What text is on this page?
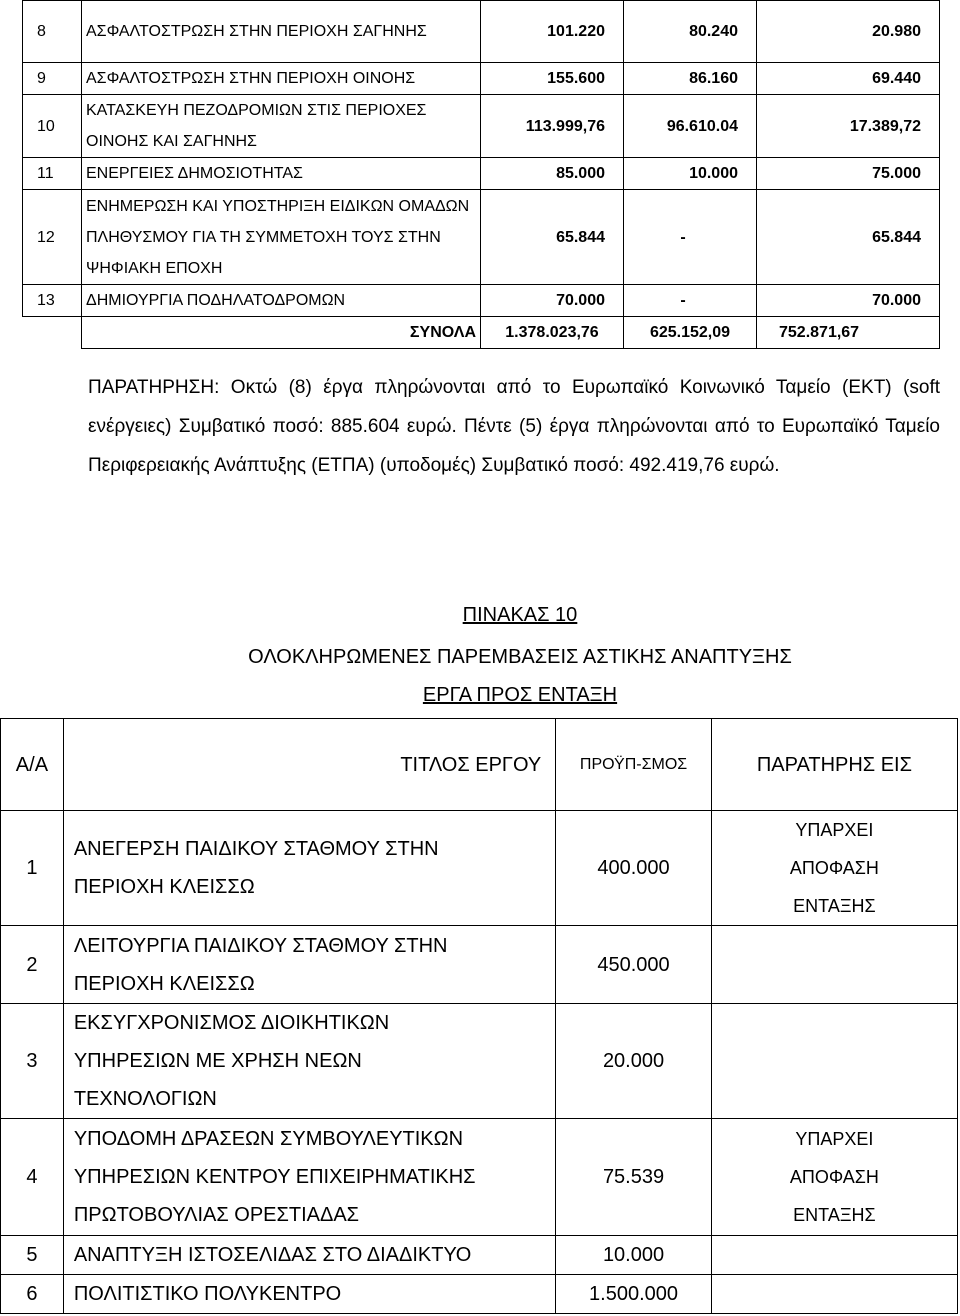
8	ΑΣΦΑΛΤΟΣΤΡΩΣΗ ΣΤΗΝ ΠΕΡΙΟΧΗ ΣΑΓΗΝΗΣ	101.220	80.240	20.980
9	ΑΣΦΑΛΤΟΣΤΡΩΣΗ ΣΤΗΝ ΠΕΡΙΟΧΗ ΟΙΝΟΗΣ	155.600	86.160	69.440
10	ΚΑΤΑΣΚΕΥΗ ΠΕΖΟΔΡΟΜΙΩΝ ΣΤΙΣ ΠΕΡΙΟΧΕΣ ΟΙΝΟΗΣ ΚΑΙ ΣΑΓΗΝΗΣ	113.999,76	96.610.04	17.389,72
11	ΕΝΕΡΓΕΙΕΣ ΔΗΜΟΣΙΟΤΗΤΑΣ	85.000	10.000	75.000
12	ΕΝΗΜΕΡΩΣΗ ΚΑΙ ΥΠΟΣΤΗΡΙΞΗ ΕΙΔΙΚΩΝ ΟΜΑΔΩΝ ΠΛΗΘΥΣΜΟΥ ΓΙΑ ΤΗ ΣΥΜΜΕΤΟΧΗ ΤΟΥΣ ΣΤΗΝ ΨΗΦΙΑΚΗ ΕΠΟΧΗ	65.844	-	65.844
13	ΔΗΜΙΟΥΡΓΙΑ ΠΟΔΗΛΑΤΟΔΡΟΜΩΝ	70.000	-	70.000
	ΣΥΝΟΛΑ	1.378.023,76	625.152,09	752.871,67
ΠΑΡΑΤΗΡΗΣΗ: Οκτώ (8) έργα πληρώνονται από το Ευρωπαϊκό Κοινωνικό Ταμείο (ΕΚΤ) (soft ενέργειες) Συμβατικό ποσό: 885.604 ευρώ. Πέντε (5) έργα πληρώνονται από το Ευρωπαϊκό Ταμείο Περιφερειακής Ανάπτυξης (ΕΤΠΑ) (υποδομές) Συμβατικό ποσό: 492.419,76 ευρώ.
ΠΙΝΑΚΑΣ 10
ΟΛΟΚΛΗΡΩΜΕΝΕΣ ΠΑΡΕΜΒΑΣΕΙΣ ΑΣΤΙΚΗΣ ΑΝΑΠΤΥΞΗΣ
ΕΡΓΑ ΠΡΟΣ ΕΝΤΑΞΗ
Α/Α	ΤΙΤΛΟΣ ΕΡΓΟΥ	ΠΡΟΫΠ-ΣΜΟΣ	ΠΑΡΑΤΗΡΗΣ ΕΙΣ
1	ΑΝΕΓΕΡΣΗ ΠΑΙΔΙΚΟΥ ΣΤΑΘΜΟΥ ΣΤΗΝ ΠΕΡΙΟΧΗ ΚΛΕΙΣΣΩ	400.000	ΥΠΑΡΧΕΙ ΑΠΟΦΑΣΗ ΕΝΤΑΞΗΣ
2	ΛΕΙΤΟΥΡΓΙΑ ΠΑΙΔΙΚΟΥ ΣΤΑΘΜΟΥ ΣΤΗΝ ΠΕΡΙΟΧΗ ΚΛΕΙΣΣΩ	450.000	
3	ΕΚΣΥΓΧΡΟΝΙΣΜΟΣ ΔΙΟΙΚΗΤΙΚΩΝ ΥΠΗΡΕΣΙΩΝ ΜΕ ΧΡΗΣΗ ΝΕΩΝ ΤΕΧΝΟΛΟΓΙΩΝ	20.000	
4	ΥΠΟΔΟΜΗ ΔΡΑΣΕΩΝ ΣΥΜΒΟΥΛΕΥΤΙΚΩΝ ΥΠΗΡΕΣΙΩΝ ΚΕΝΤΡΟΥ ΕΠΙΧΕΙΡΗΜΑΤΙΚΗΣ ΠΡΩΤΟΒΟΥΛΙΑΣ ΟΡΕΣΤΙΑΔΑΣ	75.539	ΥΠΑΡΧΕΙ ΑΠΟΦΑΣΗ ΕΝΤΑΞΗΣ
5	ΑΝΑΠΤΥΞΗ ΙΣΤΟΣΕΛΙΔΑΣ ΣΤΟ ΔΙΑΔΙΚΤΥΟ	10.000	
6	ΠΟΛΙΤΙΣΤΙΚΟ ΠΟΛΥΚΕΝΤΡΟ	1.500.000	
